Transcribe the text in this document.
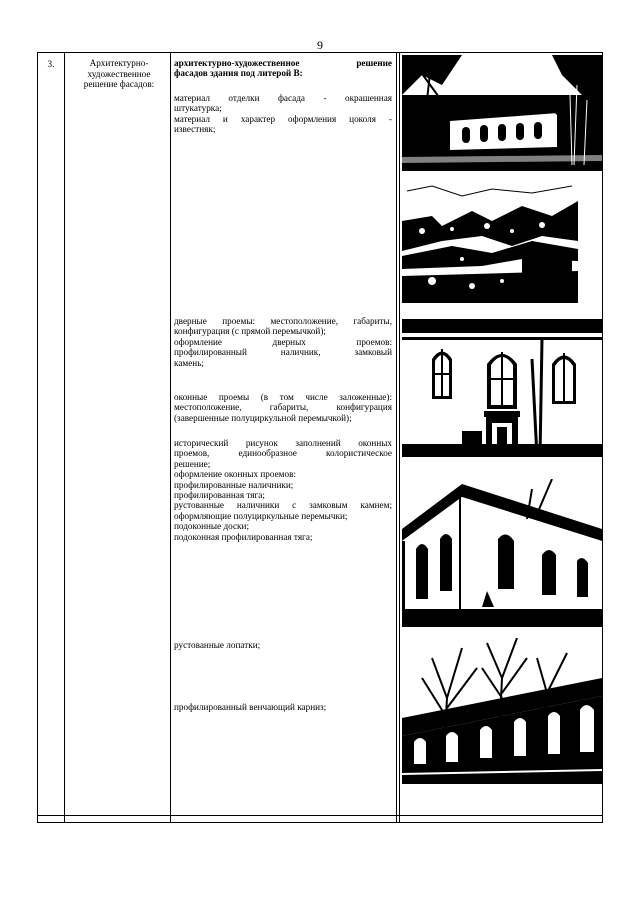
9
3.	Архитектурно-
художественное
решение фасадов:
архитектурно-художественное решение
фасадов здания под литерой В:
материал отделки фасада - окрашенная
штукатурка;
материал и характер оформления цоколя -
известняк;
дверные проемы: местоположение, габариты,
конфигурация (с прямой перемычкой);
оформление дверных проемов:
профилированный наличник, замковый
камень;
оконные проемы (в том числе заложенные):
местоположение, габариты, конфигурация
(завершенные полуциркульной перемычкой);
исторический рисунок заполнений оконных
проемов, единообразное колористическое
решение;
оформление оконных проемов:
профилированные наличники;
профилированная тяга;
рустованные наличники с замковым камнем;
оформляющие полуциркульные перемычки;
подоконные доски;
подоконная профилированная тяга;
рустованные лопатки;
профилированный венчающий карниз;
